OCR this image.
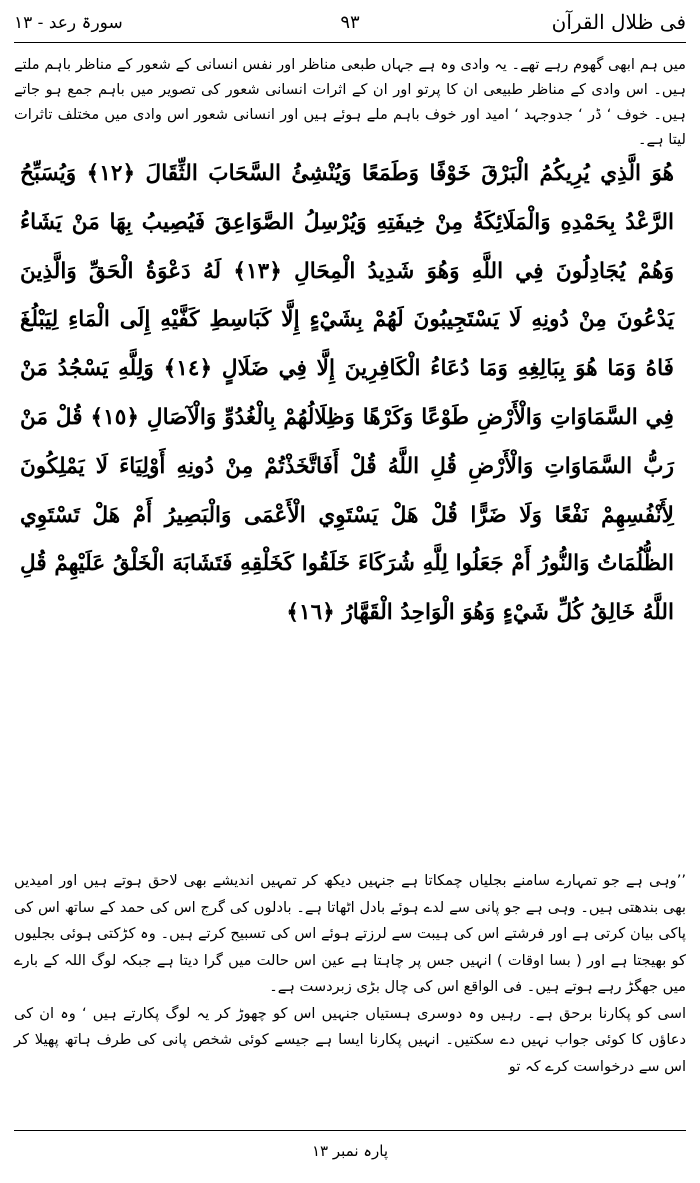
فی ظلال القرآن
٩٣
سورۃ رعد - ١٣
میں ہم ابھی گھوم رہے تھے۔ یہ وادی وہ ہے جہاں طبعی مناظر اور نفس انسانی کے شعور کے مناظر باہم ملتے ہیں۔ اس وادی کے مناظر طبیعی ان کا پرتو اور ان کے اثرات انسانی شعور کی تصویر میں باہم جمع ہو جاتے ہیں۔ خوف ‘ ڈر ‘ جدوجہد ‘ امید اور خوف باہم ملے ہوئے ہیں اور انسانی شعور اس وادی میں مختلف تاثرات لیتا ہے۔
هُوَ الَّذِي يُرِيكُمُ الْبَرْقَ خَوْفًا وَطَمَعًا وَيُنْشِئُ السَّحَابَ الثِّقَالَ ﴿١٢﴾ وَيُسَبِّحُ الرَّعْدُ بِحَمْدِهِ وَالْمَلَائِكَةُ مِنْ خِيفَتِهِ وَيُرْسِلُ الصَّوَاعِقَ فَيُصِيبُ بِهَا مَنْ يَشَاءُ وَهُمْ يُجَادِلُونَ فِي اللَّهِ وَهُوَ شَدِيدُ الْمِحَالِ ﴿١٣﴾ لَهُ دَعْوَةُ الْحَقِّ وَالَّذِينَ يَدْعُونَ مِنْ دُونِهِ لَا يَسْتَجِيبُونَ لَهُمْ بِشَيْءٍ إِلَّا كَبَاسِطِ كَفَّيْهِ إِلَى الْمَاءِ لِيَبْلُغَ فَاهُ وَمَا هُوَ بِبَالِغِهِ وَمَا دُعَاءُ الْكَافِرِينَ إِلَّا فِي ضَلَالٍ ﴿١٤﴾ وَلِلَّهِ يَسْجُدُ مَنْ فِي السَّمَاوَاتِ وَالْأَرْضِ طَوْعًا وَكَرْهًا وَظِلَالُهُمْ بِالْغُدُوِّ وَالْآصَالِ ﴿١٥﴾ قُلْ مَنْ رَبُّ السَّمَاوَاتِ وَالْأَرْضِ قُلِ اللَّهُ قُلْ أَفَاتَّخَذْتُمْ مِنْ دُونِهِ أَوْلِيَاءَ لَا يَمْلِكُونَ لِأَنْفُسِهِمْ نَفْعًا وَلَا ضَرًّا قُلْ هَلْ يَسْتَوِي الْأَعْمَى وَالْبَصِيرُ أَمْ هَلْ تَسْتَوِي الظُّلُمَاتُ وَالنُّورُ أَمْ جَعَلُوا لِلَّهِ شُرَكَاءَ خَلَقُوا كَخَلْقِهِ فَتَشَابَهَ الْخَلْقُ عَلَيْهِمْ قُلِ اللَّهُ خَالِقُ كُلِّ شَيْءٍ وَهُوَ الْوَاحِدُ الْقَهَّارُ ﴿١٦﴾

’’وہی ہے جو تمہارے سامنے بجلیاں چمکاتا ہے جنہیں دیکھ کر تمہیں اندیشے بھی لاحق ہوتے ہیں اور امیدیں بھی بندھتی ہیں۔ وہی ہے جو پانی سے لدے ہوئے بادل اٹھاتا ہے۔ بادلوں کی گرج اس کی حمد کے ساتھ اس کی پاکی بیان کرتی ہے اور فرشتے اس کی ہیبت سے لرزتے ہوئے اس کی تسبیح کرتے ہیں۔ وہ کڑکتی ہوئی بجلیوں کو بھیجتا ہے اور ( بسا اوقات ) انہیں جس پر چاہتا ہے عین اس حالت میں گرا دیتا ہے جبکہ لوگ اللہ کے بارے میں جھگڑ رہے ہوتے ہیں۔ فی الواقع اس کی چال بڑی زبردست ہے۔

اسی کو پکارنا برحق ہے۔ رہیں وہ دوسری ہستیاں جنہیں اس کو چھوڑ کر یہ لوگ پکارتے ہیں ‘ وہ ان کی دعاؤں کا کوئی جواب نہیں دے سکتیں۔ انہیں پکارنا ایسا ہے جیسے کوئی شخص پانی کی طرف ہاتھ پھیلا کر اس سے درخواست کرے کہ تو

پارہ نمبر ١٣
